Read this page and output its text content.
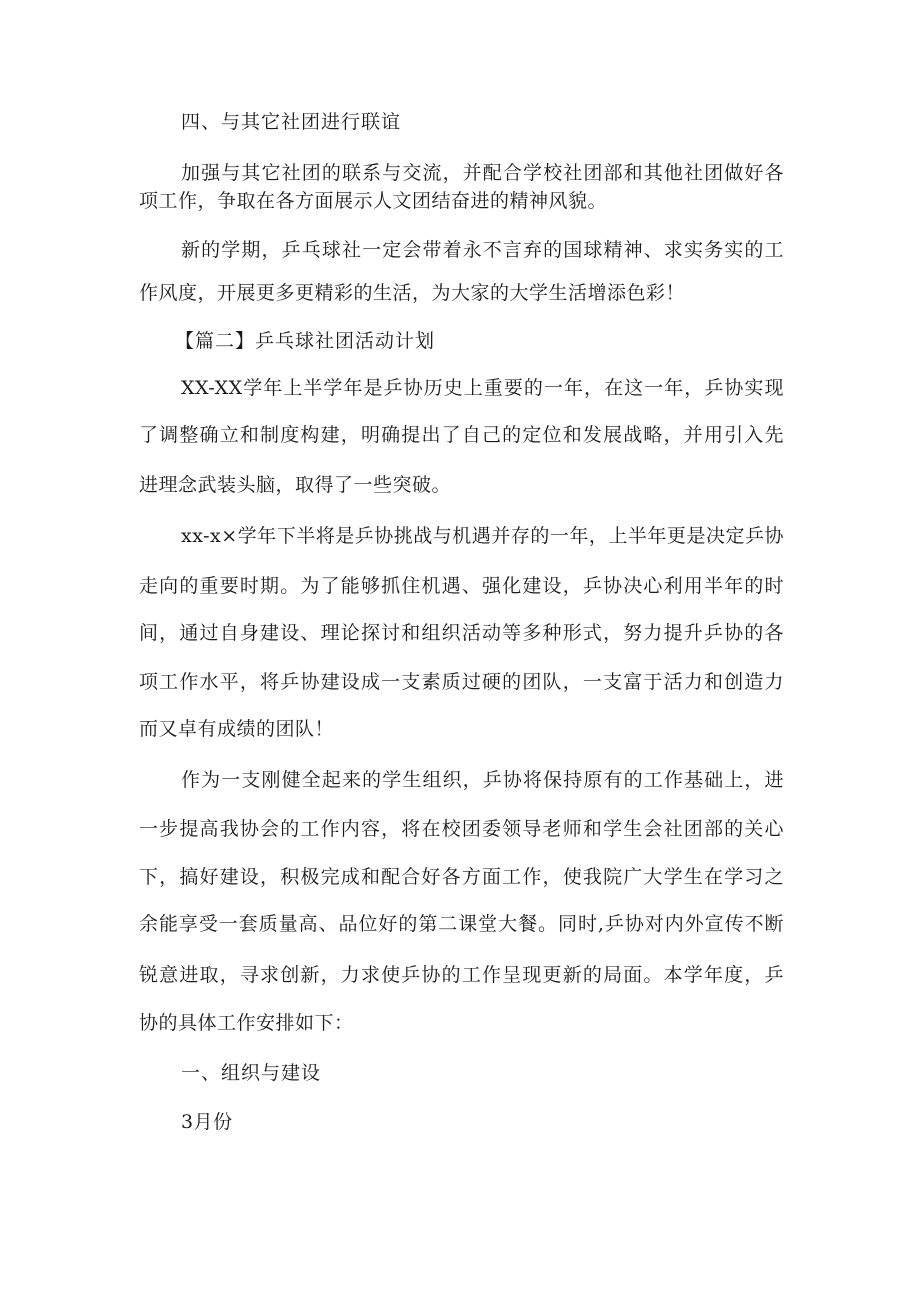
四、与其它社团进行联谊
加强与其它社团的联系与交流，并配合学校社团部和其他社团做好各
项工作，争取在各方面展示人文团结奋进的精神风貌。
新的学期，乒乓球社一定会带着永不言弃的国球精神、求实务实的工
作风度，开展更多更精彩的生活，为大家的大学生活增添色彩！
【篇二】乒乓球社团活动计划
XX-XX学年上半学年是乒协历史上重要的一年，在这一年，乒协实现
了调整确立和制度构建，明确提出了自己的定位和发展战略，并用引入先
进理念武装头脑，取得了一些突破。
xx-x×学年下半将是乒协挑战与机遇并存的一年，上半年更是决定乒协
走向的重要时期。为了能够抓住机遇、强化建设，乒协决心利用半年的时
间，通过自身建设、理论探讨和组织活动等多种形式，努力提升乒协的各
项工作水平，将乒协建设成一支素质过硬的团队，一支富于活力和创造力
而又卓有成绩的团队！
作为一支刚健全起来的学生组织，乒协将保持原有的工作基础上，进
一步提高我协会的工作内容，将在校团委领导老师和学生会社团部的关心
下，搞好建设，积极完成和配合好各方面工作，使我院广大学生在学习之
余能享受一套质量高、品位好的第二课堂大餐。同时,乒协对内外宣传不断
锐意进取，寻求创新，力求使乒协的工作呈现更新的局面。本学年度，乒
协的具体工作安排如下：
一、组织与建设
3月份
